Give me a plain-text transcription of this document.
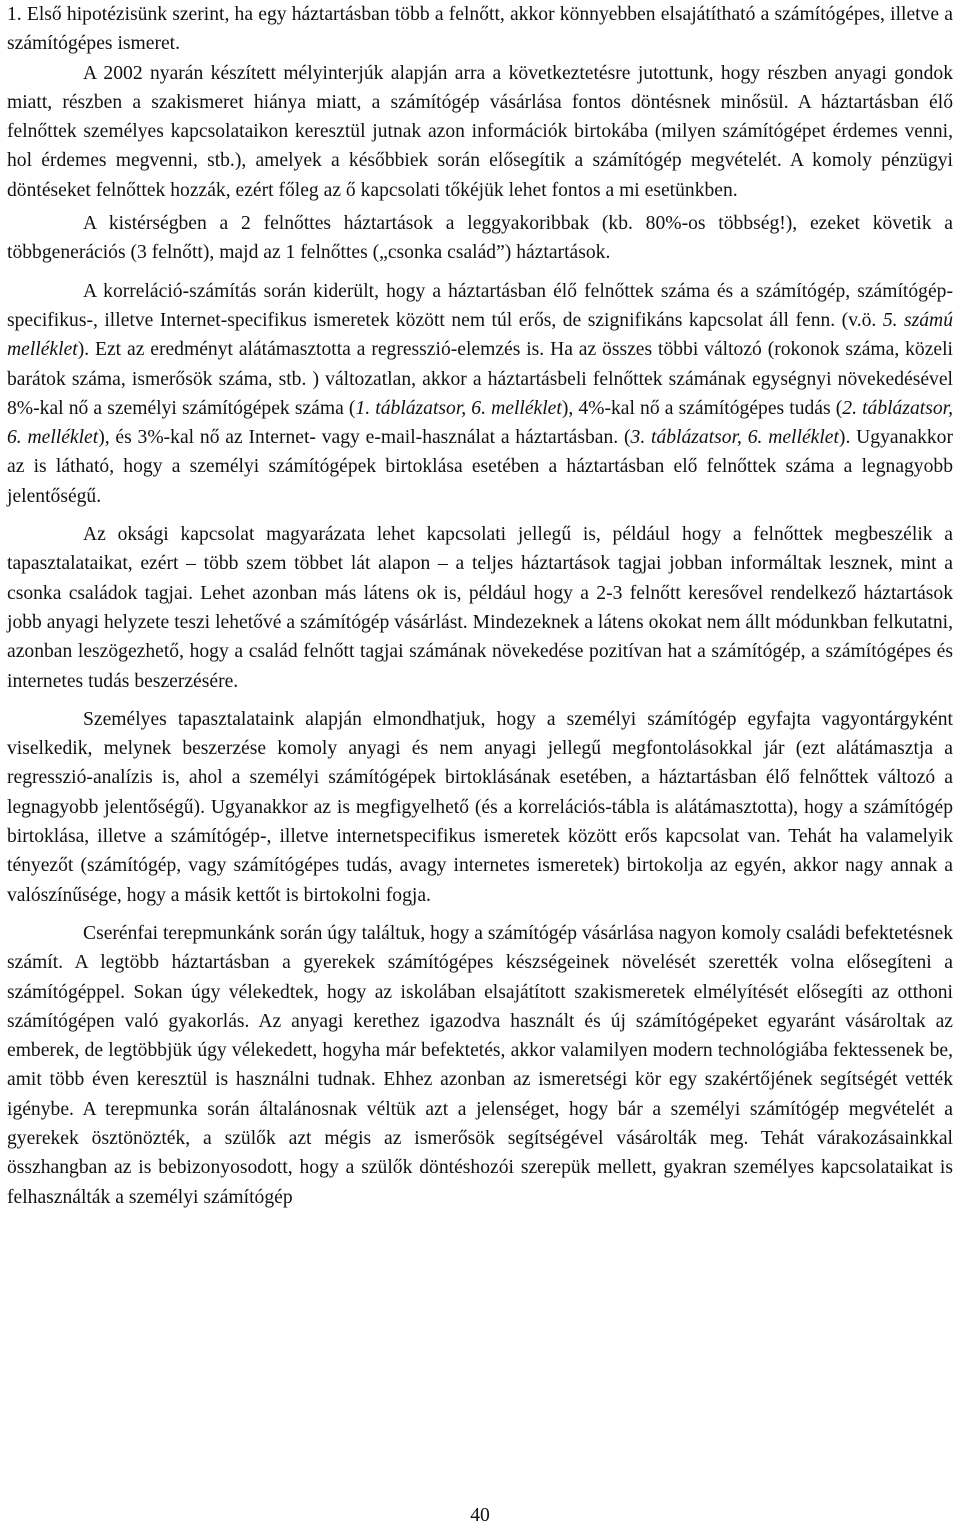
1. Első hipotézisünk szerint, ha egy háztartásban több a felnőtt, akkor könnyebben elsajátítható a számítógépes, illetve a számítógépes ismeret.

A 2002 nyarán készített mélyinterjúk alapján arra a következtetésre jutottunk, hogy részben anyagi gondok miatt, részben a szakismeret hiánya miatt, a számítógép vásárlása fontos döntésnek minősül. A háztartásban élő felnőttek személyes kapcsolataikon keresztül jutnak azon információk birtokába (milyen számítógépet érdemes venni, hol érdemes megvenni, stb.), amelyek a későbbiek során elősegítik a számítógép megvételét. A komoly pénzügyi döntéseket felnőttek hozzák, ezért főleg az ő kapcsolati tőkéjük lehet fontos a mi esetünkben.

A kistérségben a 2 felnőttes háztartások a leggyakoribbak (kb. 80%-os többség!), ezeket követik a többgenerációs (3 felnőtt), majd az 1 felnőttes („csonka család”) háztartások.

A korreláció-számítás során kiderült, hogy a háztartásban élő felnőttek száma és a számítógép, számítógép-specifikus-, illetve Internet-specifikus ismeretek között nem túl erős, de szignifikáns kapcsolat áll fenn. (v.ö. 5. számú melléklet). Ezt az eredményt alátámasztotta a regresszió-elemzés is. Ha az összes többi változó (rokonok száma, közeli barátok száma, ismerősök száma, stb. ) változatlan, akkor a háztartásbeli felnőttek számának egységnyi növekedésével 8%-kal nő a személyi számítógépek száma (1. táblázatsor, 6. melléklet), 4%-kal nő a számítógépes tudás (2. táblázatsor, 6. melléklet), és 3%-kal nő az Internet- vagy e-mail-használat a háztartásban. (3. táblázatsor, 6. melléklet). Ugyanakkor az is látható, hogy a személyi számítógépek birtoklása esetében a háztartásban elő felnőttek száma a legnagyobb jelentőségű.

Az oksági kapcsolat magyarázata lehet kapcsolati jellegű is, például hogy a felnőttek megbeszélik a tapasztalataikat, ezért – több szem többet lát alapon – a teljes háztartások tagjai jobban informáltak lesznek, mint a csonka családok tagjai. Lehet azonban más látens ok is, például hogy a 2-3 felnőtt keresővel rendelkező háztartások jobb anyagi helyzete teszi lehetővé a számítógép vásárlást. Mindezeknek a látens okokat nem állt módunkban felkutatni, azonban leszögezhető, hogy a család felnőtt tagjai számának növekedése pozitívan hat a számítógép, a számítógépes és internetes tudás beszerzésére.

Személyes tapasztalataink alapján elmondhatjuk, hogy a személyi számítógép egyfajta vagyontárgyként viselkedik, melynek beszerzése komoly anyagi és nem anyagi jellegű megfontolásokkal jár (ezt alátámasztja a regresszió-analízis is, ahol a személyi számítógépek birtoklásának esetében, a háztartásban élő felnőttek változó a legnagyobb jelentőségű). Ugyanakkor az is megfigyelhető (és a korrelációs-tábla is alátámasztotta), hogy a számítógép birtoklása, illetve a számítógép-, illetve internetspecifikus ismeretek között erős kapcsolat van. Tehát ha valamelyik tényezőt (számítógép, vagy számítógépes tudás, avagy internetes ismeretek) birtokolja az egyén, akkor nagy annak a valószínűsége, hogy a másik kettőt is birtokolni fogja.

Cserénfai terepmunkánk során úgy találtuk, hogy a számítógép vásárlása nagyon komoly családi befektetésnek számít. A legtöbb háztartásban a gyerekek számítógépes készségeinek növelését szerették volna elősegíteni a számítógéppel. Sokan úgy vélekedtek, hogy az iskolában elsajátított szakismeretek elmélyítését elősegíti az otthoni számítógépen való gyakorlás. Az anyagi kerethez igazodva használt és új számítógépeket egyaránt vásároltak az emberek, de legtöbbjük úgy vélekedett, hogyha már befektetés, akkor valamilyen modern technológiába fektessenek be, amit több éven keresztül is használni tudnak. Ehhez azonban az ismeretségi kör egy szakértőjének segítségét vették igénybe. A terepmunka során általánosnak véltük azt a jelenséget, hogy bár a személyi számítógép megvételét a gyerekek ösztönözték, a szülők azt mégis az ismerősök segítségével vásárolták meg. Tehát várakozásainkkal összhangban az is bebizonyosodott, hogy a szülők döntéshozói szerepük mellett, gyakran személyes kapcsolataikat is felhasználták a személyi számítógép

40
